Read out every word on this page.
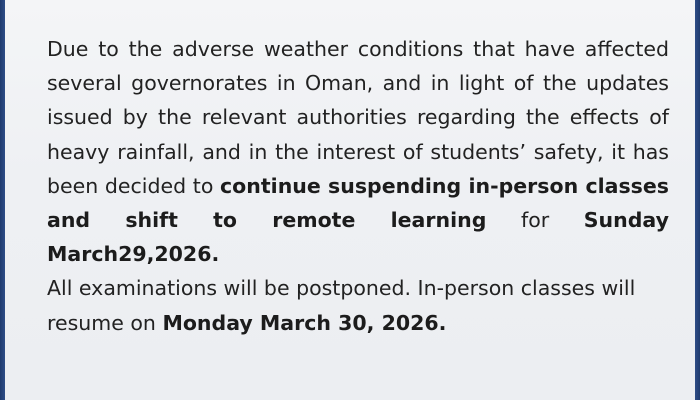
Due to the adverse weather conditions that have affected several governorates in Oman, and in light of the updates issued by the relevant authorities regarding the effects of heavy rainfall, and in the interest of students’ safety, it has been decided to continue suspending in-person classes and shift to remote learning for Sunday March29,2026.

All examinations will be postponed. In-person classes will resume on Monday March 30, 2026.
